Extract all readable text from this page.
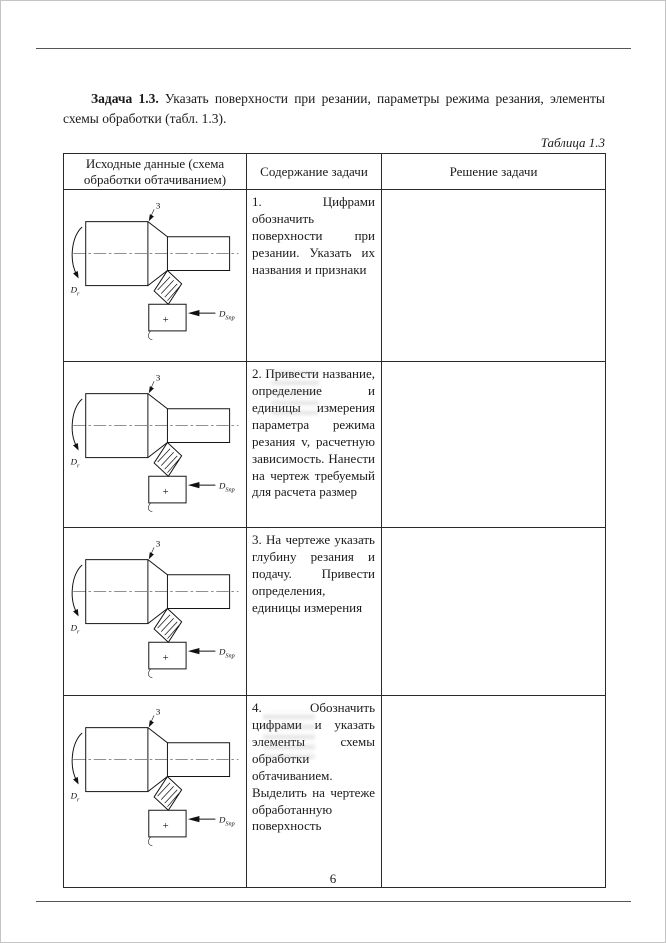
Задача 1.3. Указать поверхности при резании, параметры режима резания, элементы схемы обработки (табл. 1.3).

Таблица 1.3
Исходные данные (схема обработки обтачиванием)	Содержание задачи	Решение задачи

3
$D_r$
+
$D_{Sпр}$	1. Цифрами обозначить поверхности при резании. Указать их названия и признаки	

3
$D_r$
+
$D_{Sпр}$	2. Привести название, определение и единицы измерения параметра режима резания v, расчетную зависимость. Нанести на чертеж требуемый для расчета размер	

3
$D_r$
+
$D_{Sпр}$	3. На чертеже указать глубину резания и подачу. Привести определения, единицы измерения	

3
$D_r$
+
$D_{Sпр}$	4. Обозначить цифрами и указать элементы схемы обработки обтачиванием. Выделить на чертеже обработанную поверхность	

6
